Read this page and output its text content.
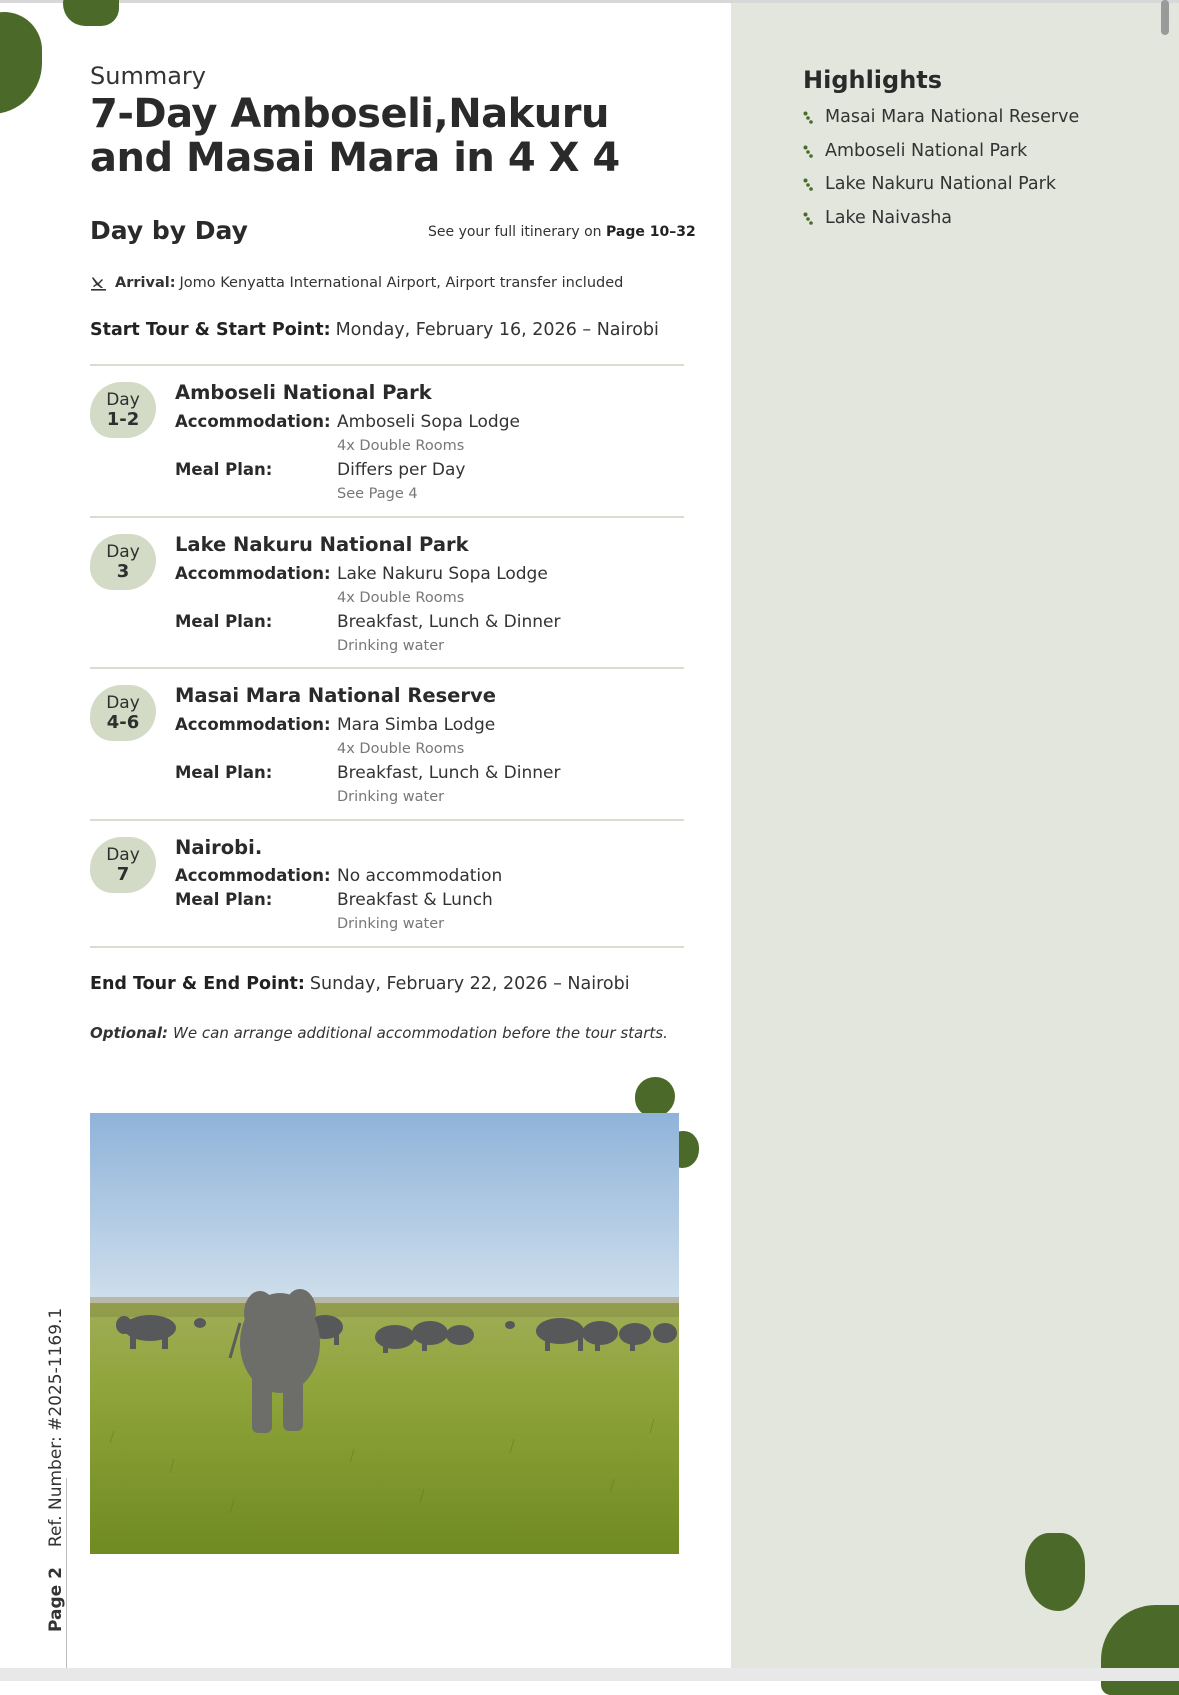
Summary
7-Day Amboseli,Nakuru and Masai Mara in 4 X 4
Day by Day	See your full itinerary on Page 10–32
Arrival: Jomo Kenyatta International Airport, Airport transfer included
Start Tour & Start Point: Monday, February 16, 2026 – Nairobi
Day
1-2
Amboseli National Park
Accommodation: Amboseli Sopa Lodge
4x Double Rooms
Meal Plan:	Differs per Day
See Page 4
Day
3
Lake Nakuru National Park
Accommodation: Lake Nakuru Sopa Lodge
4x Double Rooms
Meal Plan:	Breakfast, Lunch & Dinner
Drinking water
Day
4-6
Masai Mara National Reserve
Accommodation: Mara Simba Lodge
4x Double Rooms
Meal Plan:	Breakfast, Lunch & Dinner
Drinking water
Day
7
Nairobi.
Accommodation: No accommodation
Meal Plan:	Breakfast & Lunch
Drinking water
End Tour & End Point: Sunday, February 22, 2026 – Nairobi
Optional: We can arrange additional accommodation before the tour starts.
Highlights
Masai Mara National Reserve
Amboseli National Park
Lake Nakuru National Park
Lake Naivasha
Page 2Ref. Number: #2025-1169.1
